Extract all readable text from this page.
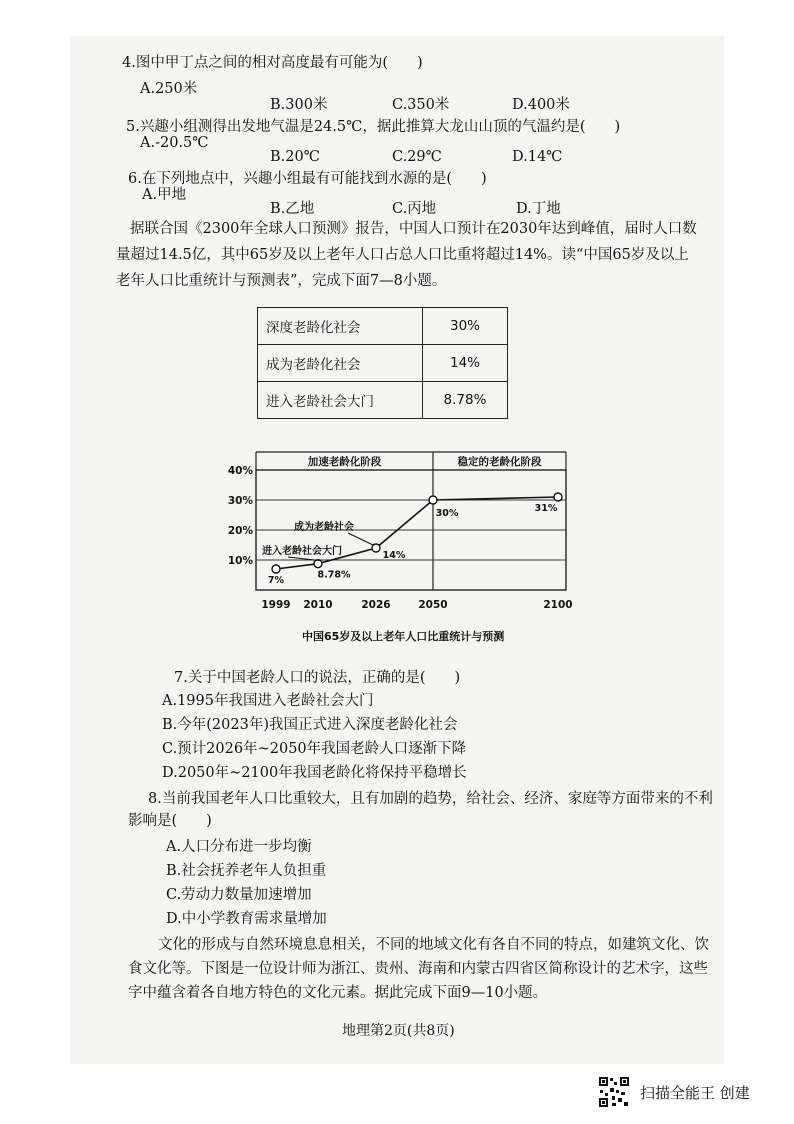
4.图中甲丁点之间的相对高度最有可能为(　　)
A.250米
B.300米	C.350米	D.400米
5.兴趣小组测得出发地气温是24.5℃，据此推算大龙山山顶的气温约是(　　)
A.-20.5℃
B.20℃	C.29℃	D.14℃
6.在下列地点中，兴趣小组最有可能找到水源的是(　　)
A.甲地
B.乙地	C.丙地	D.丁地
据联合国《2300年全球人口预测》报告，中国人口预计在2030年达到峰值，届时人口数
量超过14.5亿，其中65岁及以上老年人口占总人口比重将超过14%。读“中国65岁及以上
老年人口比重统计与预测表”，完成下面7—8小题。
深度老龄化社会	30%
成为老龄化社会	14%
进入老龄社会大门	8.78%
加速老龄化阶段	稳定的老龄化阶段
10%
20%
30%
40%
1999 2010	2026	2050	2100
7%	8.78%
14%
30%	31%
进入老龄社会大门
成为老龄社会
中国65岁及以上老年人口比重统计与预测
7.关于中国老龄人口的说法，正确的是(　　)
A.1995年我国进入老龄社会大门
B.今年(2023年)我国正式进入深度老龄化社会
C.预计2026年~2050年我国老龄人口逐渐下降
D.2050年~2100年我国老龄化将保持平稳增长
8.当前我国老年人口比重较大，且有加剧的趋势，给社会、经济、家庭等方面带来的不利
影响是(　　)
A.人口分布进一步均衡
B.社会抚养老年人负担重
C.劳动力数量加速增加
D.中小学教育需求量增加
文化的形成与自然环境息息相关，不同的地域文化有各自不同的特点，如建筑文化、饮
食文化等。下图是一位设计师为浙江、贵州、海南和内蒙古四省区简称设计的艺术字，这些
字中蕴含着各自地方特色的文化元素。据此完成下面9—10小题。
地理第2页(共8页)
扫描全能王 创建
